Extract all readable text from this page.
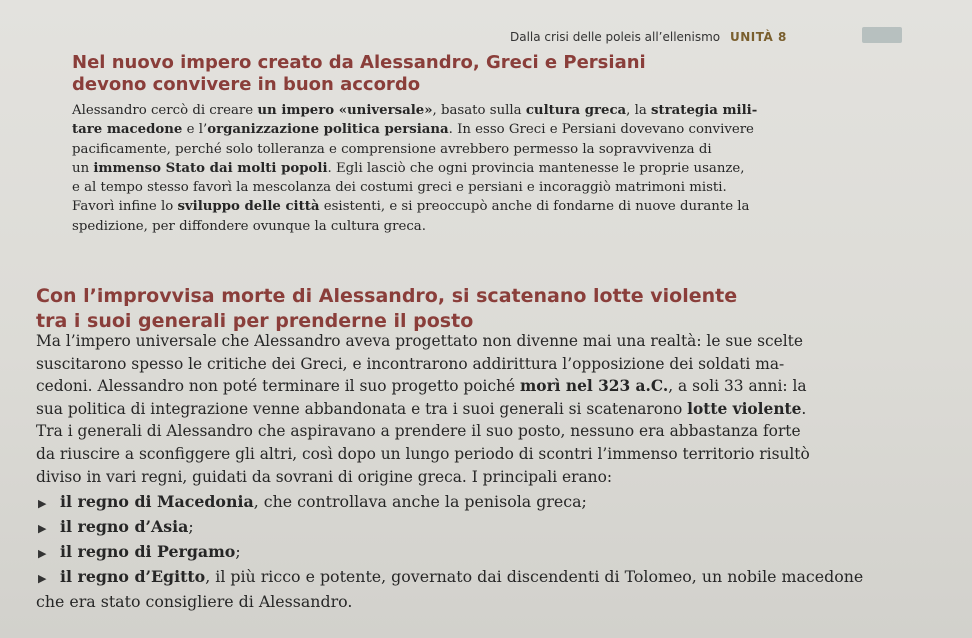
Dalla crisi delle poleis all’ellenismo UNITÀ 8
Nel nuovo impero creato da Alessandro, Greci e Persiani
devono convivere in buon accordo
Alessandro cercò di creare un impero «universale», basato sulla cultura greca, la strategia mili-
tare macedone e l’organizzazione politica persiana. In esso Greci e Persiani dovevano convivere
pacificamente, perché solo tolleranza e comprensione avrebbero permesso la sopravvivenza di
un immenso Stato dai molti popoli. Egli lasciò che ogni provincia mantenesse le proprie usanze,
e al tempo stesso favorì la mescolanza dei costumi greci e persiani e incoraggiò matrimoni misti.
Favorì infine lo sviluppo delle città esistenti, e si preoccupò anche di fondarne di nuove durante la
spedizione, per diffondere ovunque la cultura greca.
Con l’improvvisa morte di Alessandro, si scatenano lotte violente
tra i suoi generali per prenderne il posto
Ma l’impero universale che Alessandro aveva progettato non divenne mai una realtà: le sue scelte
suscitarono spesso le critiche dei Greci, e incontrarono addirittura l’opposizione dei soldati ma-
cedoni. Alessandro non poté terminare il suo progetto poiché morì nel 323 a.C., a soli 33 anni: la
sua politica di integrazione venne abbandonata e tra i suoi generali si scatenarono lotte violente.
Tra i generali di Alessandro che aspiravano a prendere il suo posto, nessuno era abbastanza forte
da riuscire a sconfiggere gli altri, così dopo un lungo periodo di scontri l’immenso territorio risultò
diviso in vari regni, guidati da sovrani di origine greca. I principali erano:
▶ il regno di Macedonia, che controllava anche la penisola greca;
▶ il regno d’Asia;
▶ il regno di Pergamo;
▶ il regno d’Egitto, il più ricco e potente, governato dai discendenti di Tolomeo, un nobile macedone
che era stato consigliere di Alessandro.
